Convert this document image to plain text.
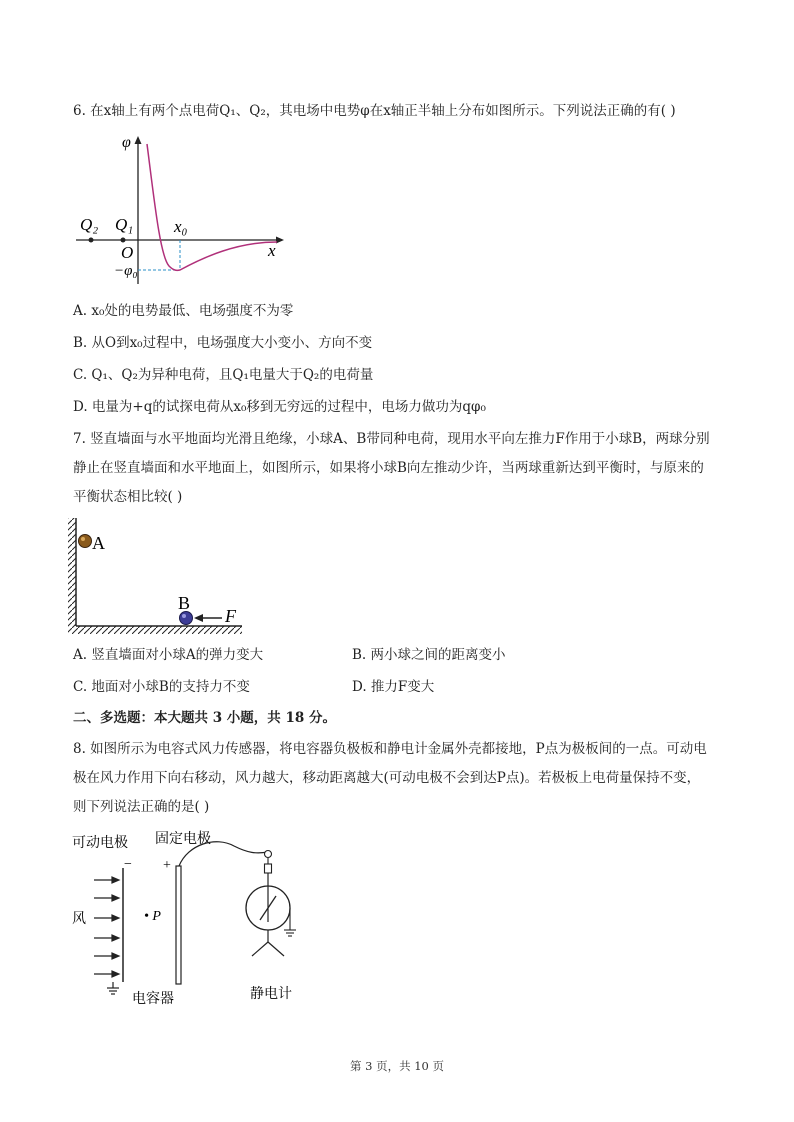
6. 在x轴上有两个点电荷Q₁、Q₂，其电场中电势φ在x轴正半轴上分布如图所示。下列说法正确的有( )
φ
x
O
Q₂ Q₁ x₀
−φ₀
A. x₀处的电势最低、电场强度不为零
B. 从O到x₀过程中，电场强度大小变小、方向不变
C. Q₁、Q₂为异种电荷，且Q₁电量大于Q₂的电荷量
D. 电量为+q的试探电荷从x₀移到无穷远的过程中，电场力做功为qφ₀
7. 竖直墙面与水平地面均光滑且绝缘，小球A、B带同种电荷，现用水平向左推力F作用于小球B，两球分别
静止在竖直墙面和水平地面上，如图所示，如果将小球B向左推动少许，当两球重新达到平衡时，与原来的
平衡状态相比较( )
A
B
F
A. 竖直墙面对小球A的弹力变大	B. 两小球之间的距离变小
C. 地面对小球B的支持力不变	D. 推力F变大
二、多选题：本大题共 3 小题，共 18 分。
8. 如图所示为电容式风力传感器，将电容器负极板和静电计金属外壳都接地，P点为极板间的一点。可动电
极在风力作用下向右移动，风力越大，移动距离越大(可动电极不会到达P点)。若极板上电荷量保持不变，
则下列说法正确的是( )
可动电极 固定电极
− +
风	• P
电容器	静电计
第 3 页，共 10 页
